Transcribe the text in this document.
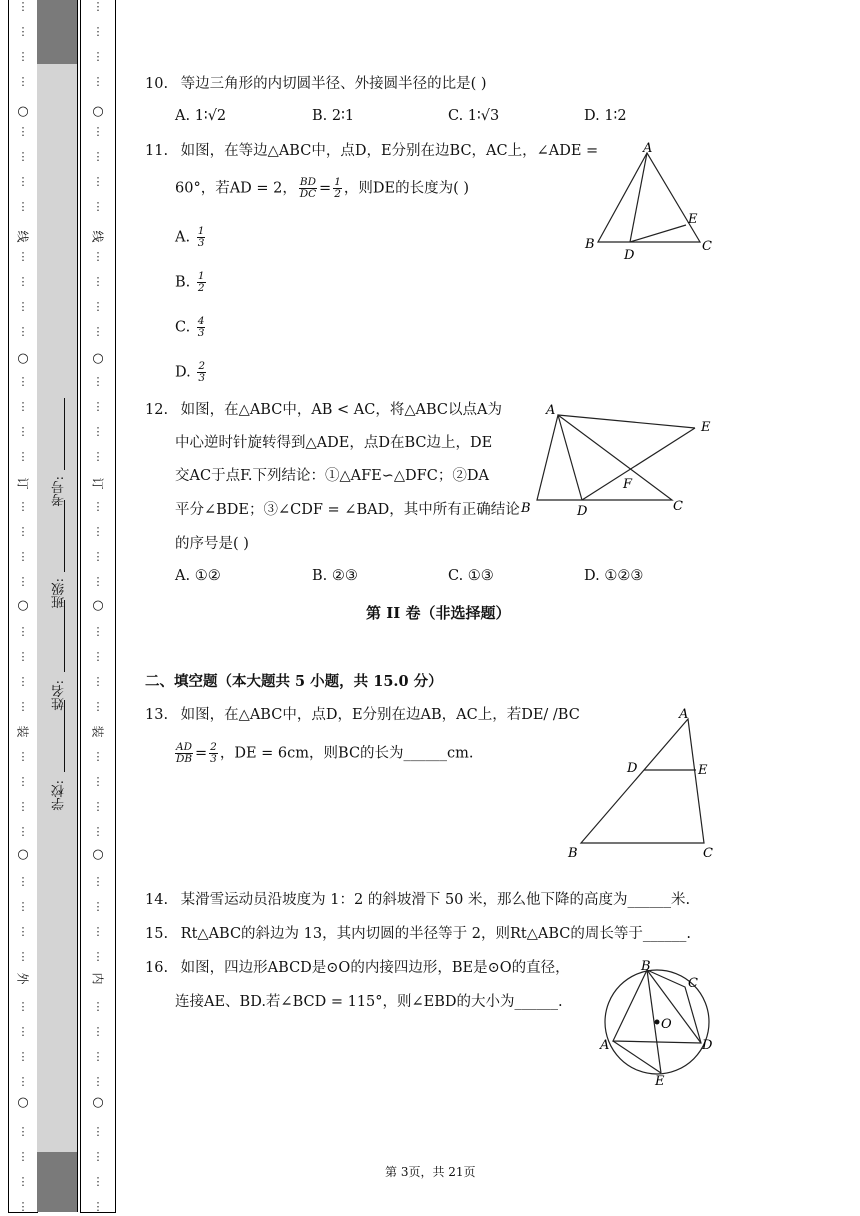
⋮
⋮
⋮
⋮
⋮
⋮
⋮
⋮
⋮
⋮
⋮
⋮
⋮
⋮
⋮
⋮
⋮
⋮
⋮
⋮
⋮
⋮
⋮
⋮
⋮
⋮
⋮
⋮
⋮
⋮
⋮
⋮
⋮
⋮
⋮
⋮
⋮
⋮
⋮
⋮
○
○
○
○
○
线
订
装
外
⋮
⋮
⋮
⋮
⋮
⋮
⋮
⋮
⋮
⋮
⋮
⋮
⋮
⋮
⋮
⋮
⋮
⋮
⋮
⋮
⋮
⋮
⋮
⋮
⋮
⋮
⋮
⋮
⋮
⋮
⋮
⋮
⋮
⋮
⋮
⋮
⋮
⋮
⋮
⋮
○
○
○
○
○
线
订
装
内
学校:
姓名:
班级:
考号:
10. 等边三角形的内切圆半径、外接圆半径的比是( )
A. 1∶√2	B. 2∶1	C. 1∶√3	D. 1∶2
11. 如图，在等边△ABC中，点D，E分别在边BC，AC上，∠ADE =
60°，若AD = 2， $\frac{BD}{DC} = \frac{1}{2}$ ，则DE的长度为( )
A. $\frac{1}{3}$
B. $\frac{1}{2}$
C. $\frac{4}{3}$
D. $\frac{2}{3}$
A
B	C
D
E
12. 如图，在△ABC中，AB < AC，将△ABC以点A为
中心逆时针旋转得到△ADE，点D在BC边上，DE
交AC于点F.下列结论：①△AFE∽△DFC；②DA
平分∠BDE；③∠CDF = ∠BAD，其中所有正确结论
的序号是( )
A. ①②	B. ②③	C. ①③	D. ①②③
A
B	C
D
E
F
第 II 卷（非选择题）
二、填空题（本大题共 5 小题，共 15.0 分）
13. 如图，在△ABC中，点D，E分别在边AB，AC上，若DE/ /BC
$\frac{AD}{DB} = \frac{2}{3}$ ，DE = 6cm，则BC的长为______cm.
A
B	C
D	E
14. 某滑雪运动员沿坡度为 1：2 的斜坡滑下 50 米，那么他下降的高度为______米.
15. Rt△ABC的斜边为 13，其内切圆的半径等于 2，则Rt△ABC的周长等于______.
16. 如图，四边形ABCD是⊙O的内接四边形，BE是⊙O的直径，
连接AE、BD.若∠BCD = 115°，则∠EBD的大小为______.
B
C
D
A
E
O
第 3页，共 21页
